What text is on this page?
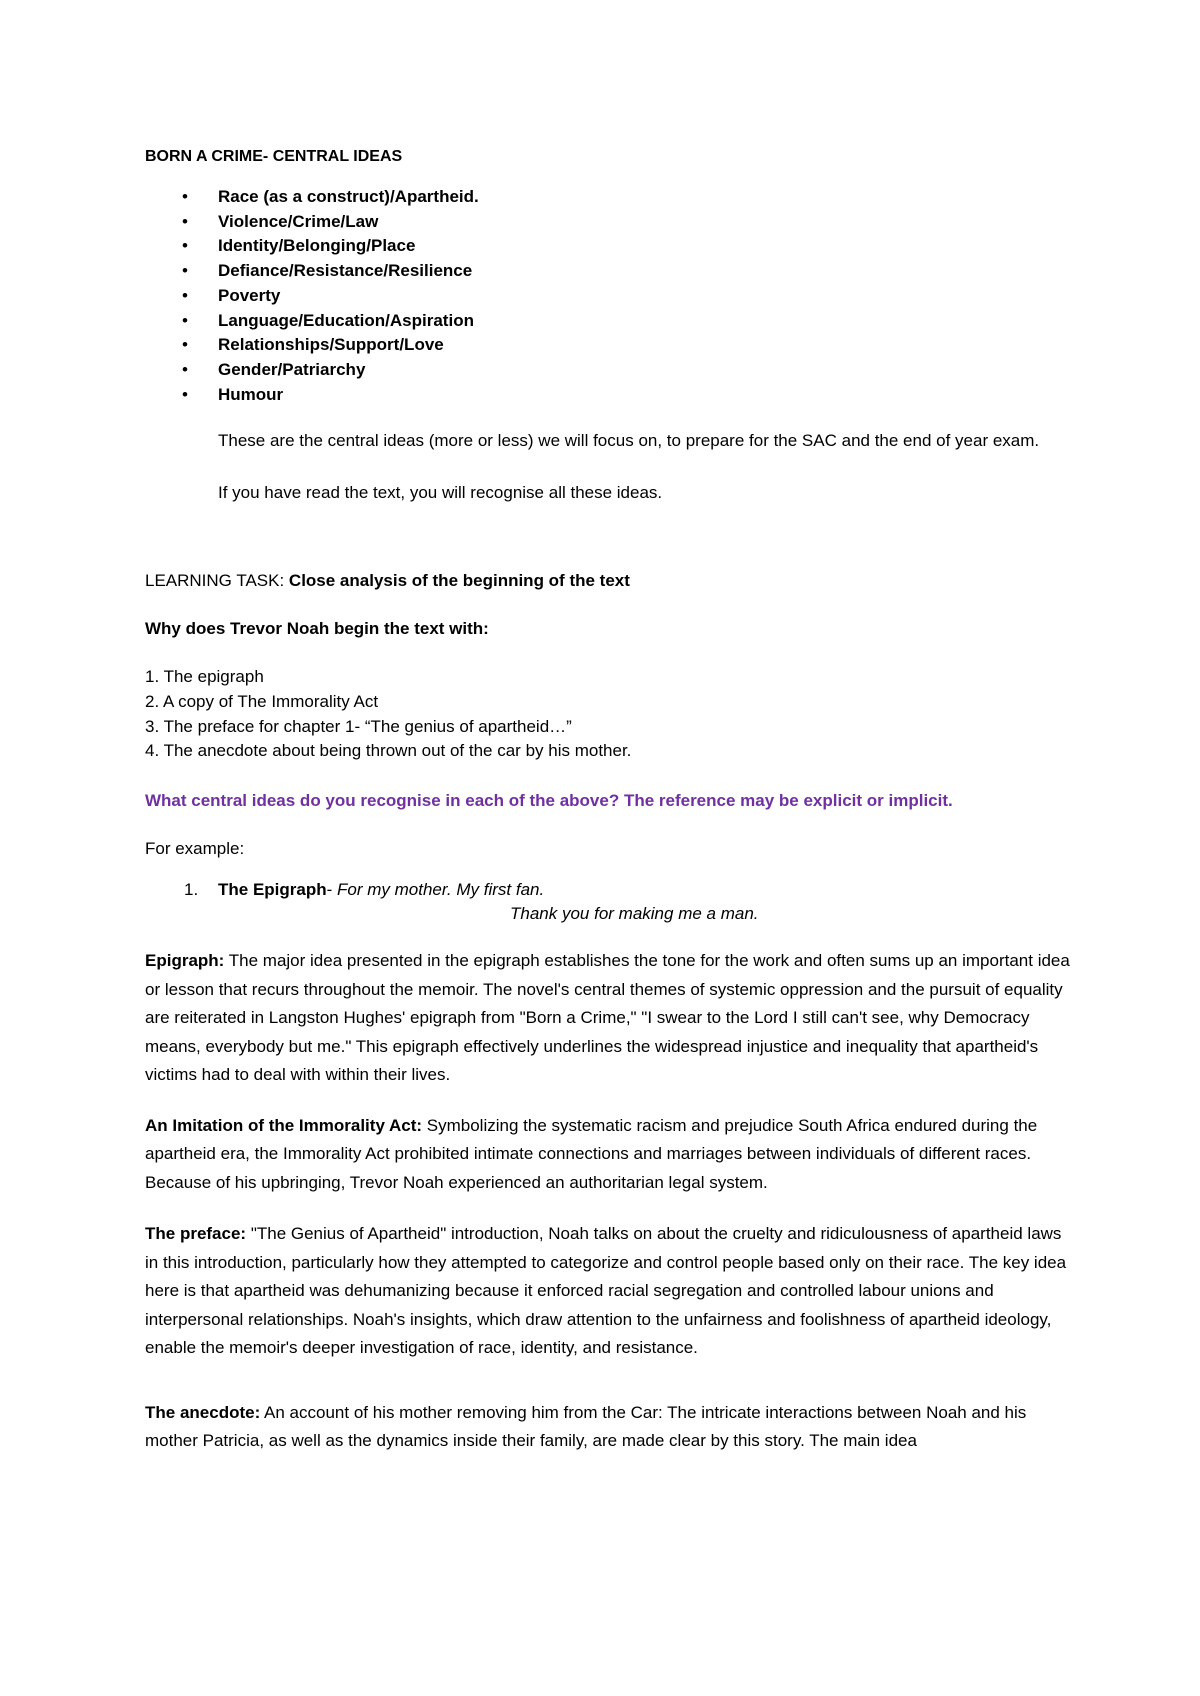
BORN A CRIME- CENTRAL IDEAS

• Race (as a construct)/Apartheid.
• Violence/Crime/Law
• Identity/Belonging/Place
• Defiance/Resistance/Resilience
• Poverty
• Language/Education/Aspiration
• Relationships/Support/Love
• Gender/Patriarchy
• Humour

These are the central ideas (more or less) we will focus on, to prepare for the SAC and the end of year exam.

If you have read the text, you will recognise all these ideas.

LEARNING TASK: Close analysis of the beginning of the text

Why does Trevor Noah begin the text with:

1. The epigraph
2. A copy of The Immorality Act
3. The preface for chapter 1- “The genius of apartheid…”
4. The anecdote about being thrown out of the car by his mother.

What central ideas do you recognise in each of the above? The reference may be explicit or implicit.

For example:

1. The Epigraph- For my mother. My first fan.
Thank you for making me a man.

Epigraph: The major idea presented in the epigraph establishes the tone for the work and often sums up an important idea or lesson that recurs throughout the memoir. The novel's central themes of systemic oppression and the pursuit of equality are reiterated in Langston Hughes' epigraph from "Born a Crime," "I swear to the Lord I still can't see, why Democracy means, everybody but me." This epigraph effectively underlines the widespread injustice and inequality that apartheid's victims had to deal with within their lives.

An Imitation of the Immorality Act: Symbolizing the systematic racism and prejudice South Africa endured during the apartheid era, the Immorality Act prohibited intimate connections and marriages between individuals of different races. Because of his upbringing, Trevor Noah experienced an authoritarian legal system.

The preface: "The Genius of Apartheid" introduction, Noah talks on about the cruelty and ridiculousness of apartheid laws in this introduction, particularly how they attempted to categorize and control people based only on their race. The key idea here is that apartheid was dehumanizing because it enforced racial segregation and controlled labour unions and interpersonal relationships. Noah's insights, which draw attention to the unfairness and foolishness of apartheid ideology, enable the memoir's deeper investigation of race, identity, and resistance.

The anecdote: An account of his mother removing him from the Car: The intricate interactions between Noah and his mother Patricia, as well as the dynamics inside their family, are made clear by this story. The main idea
